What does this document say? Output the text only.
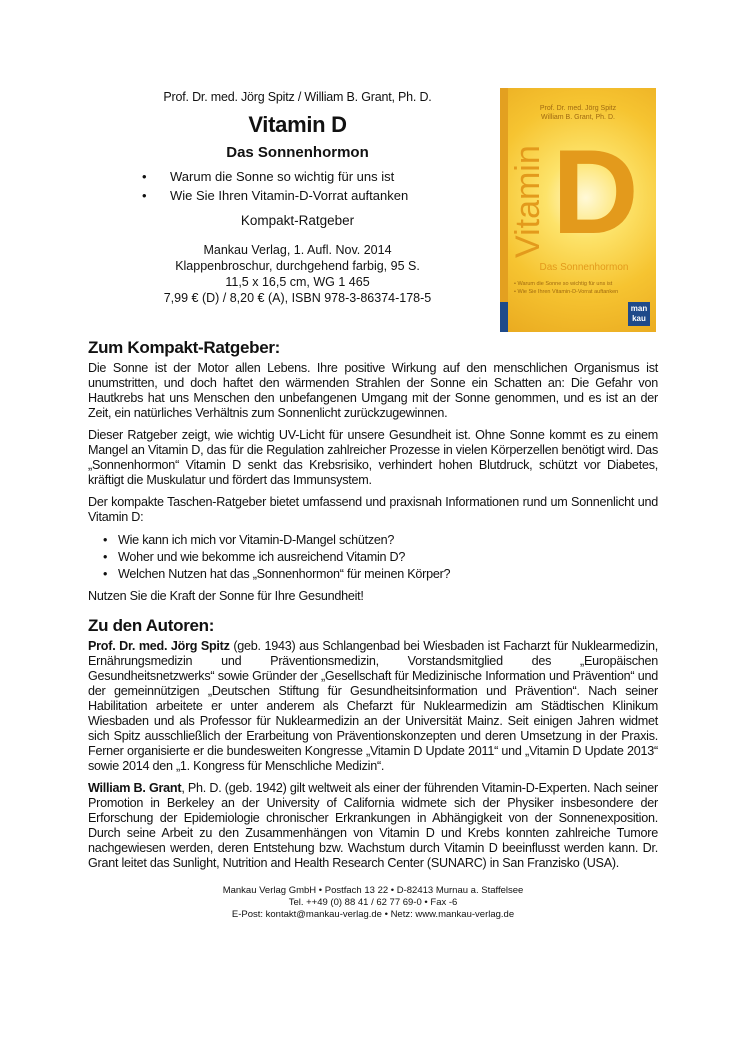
Prof. Dr. med. Jörg Spitz / William B. Grant, Ph. D.
Vitamin D
Das Sonnenhormon
• Warum die Sonne so wichtig für uns ist
• Wie Sie Ihren Vitamin-D-Vorrat auftanken
Kompakt-Ratgeber
Mankau Verlag, 1. Aufl. Nov. 2014
Klappenbroschur, durchgehend farbig, 95 S.
11,5 x 16,5 cm, WG 1 465
7,99 € (D) / 8,20 € (A), ISBN 978-3-86374-178-5
Prof. Dr. med. Jörg Spitz
William B. Grant, Ph. D.
D
Vitamin
Das Sonnenhormon
• Warum die Sonne so wichtig für uns ist
• Wie Sie Ihren Vitamin-D-Vorrat auftanken
man
kau
Zum Kompakt-Ratgeber:

Die Sonne ist der Motor allen Lebens. Ihre positive Wirkung auf den menschlichen Organismus ist unumstritten, und doch haftet den wärmenden Strahlen der Sonne ein Schatten an: Die Gefahr von Hautkrebs hat uns Menschen den unbefangenen Umgang mit der Sonne genommen, und es ist an der Zeit, ein natürliches Verhältnis zum Sonnenlicht zurückzugewinnen.

Dieser Ratgeber zeigt, wie wichtig UV-Licht für unsere Gesundheit ist. Ohne Sonne kommt es zu einem Mangel an Vitamin D, das für die Regulation zahlreicher Prozesse in vielen Körperzellen benötigt wird. Das „Sonnenhormon“ Vitamin D senkt das Krebsrisiko, verhindert hohen Blutdruck, schützt vor Diabetes, kräftigt die Muskulatur und fördert das Immunsystem.

Der kompakte Taschen-Ratgeber bietet umfassend und praxisnah Informationen rund um Sonnenlicht und Vitamin D:

• Wie kann ich mich vor Vitamin-D-Mangel schützen?
• Woher und wie bekomme ich ausreichend Vitamin D?
• Welchen Nutzen hat das „Sonnenhormon“ für meinen Körper?

Nutzen Sie die Kraft der Sonne für Ihre Gesundheit!

Zu den Autoren:

Prof. Dr. med. Jörg Spitz (geb. 1943) aus Schlangenbad bei Wiesbaden ist Facharzt für Nuklearmedizin, Ernährungsmedizin und Präventionsmedizin, Vorstandsmitglied des „Europäischen Gesundheitsnetzwerks“ sowie Gründer der „Gesellschaft für Medizinische Information und Prävention“ und der gemeinnützigen „Deutschen Stiftung für Gesundheitsinformation und Prävention“. Nach seiner Habilitation arbeitete er unter anderem als Chefarzt für Nuklearmedizin am Städtischen Klinikum Wiesbaden und als Professor für Nuklearmedizin an der Universität Mainz. Seit einigen Jahren widmet sich Spitz ausschließlich der Erarbeitung von Präventionskonzepten und deren Umsetzung in der Praxis. Ferner organisierte er die bundesweiten Kongresse „Vitamin D Update 2011“ und „Vitamin D Update 2013“ sowie 2014 den „1. Kongress für Menschliche Medizin“.

William B. Grant, Ph. D. (geb. 1942) gilt weltweit als einer der führenden Vitamin-D-Experten. Nach seiner Promotion in Berkeley an der University of California widmete sich der Physiker insbesondere der Erforschung der Epidemiologie chronischer Erkrankungen in Abhängigkeit von der Sonnenexposition. Durch seine Arbeit zu den Zusammenhängen von Vitamin D und Krebs konnten zahlreiche Tumore nachgewiesen werden, deren Entstehung bzw. Wachstum durch Vitamin D beeinflusst werden kann. Dr. Grant leitet das Sunlight, Nutrition and Health Research Center (SUNARC) in San Franzisko (USA).

Mankau Verlag GmbH • Postfach 13 22 • D-82413 Murnau a. Staffelsee
Tel. ++49 (0) 88 41 / 62 77 69-0 • Fax -6
E-Post: kontakt@mankau-verlag.de • Netz: www.mankau-verlag.de
